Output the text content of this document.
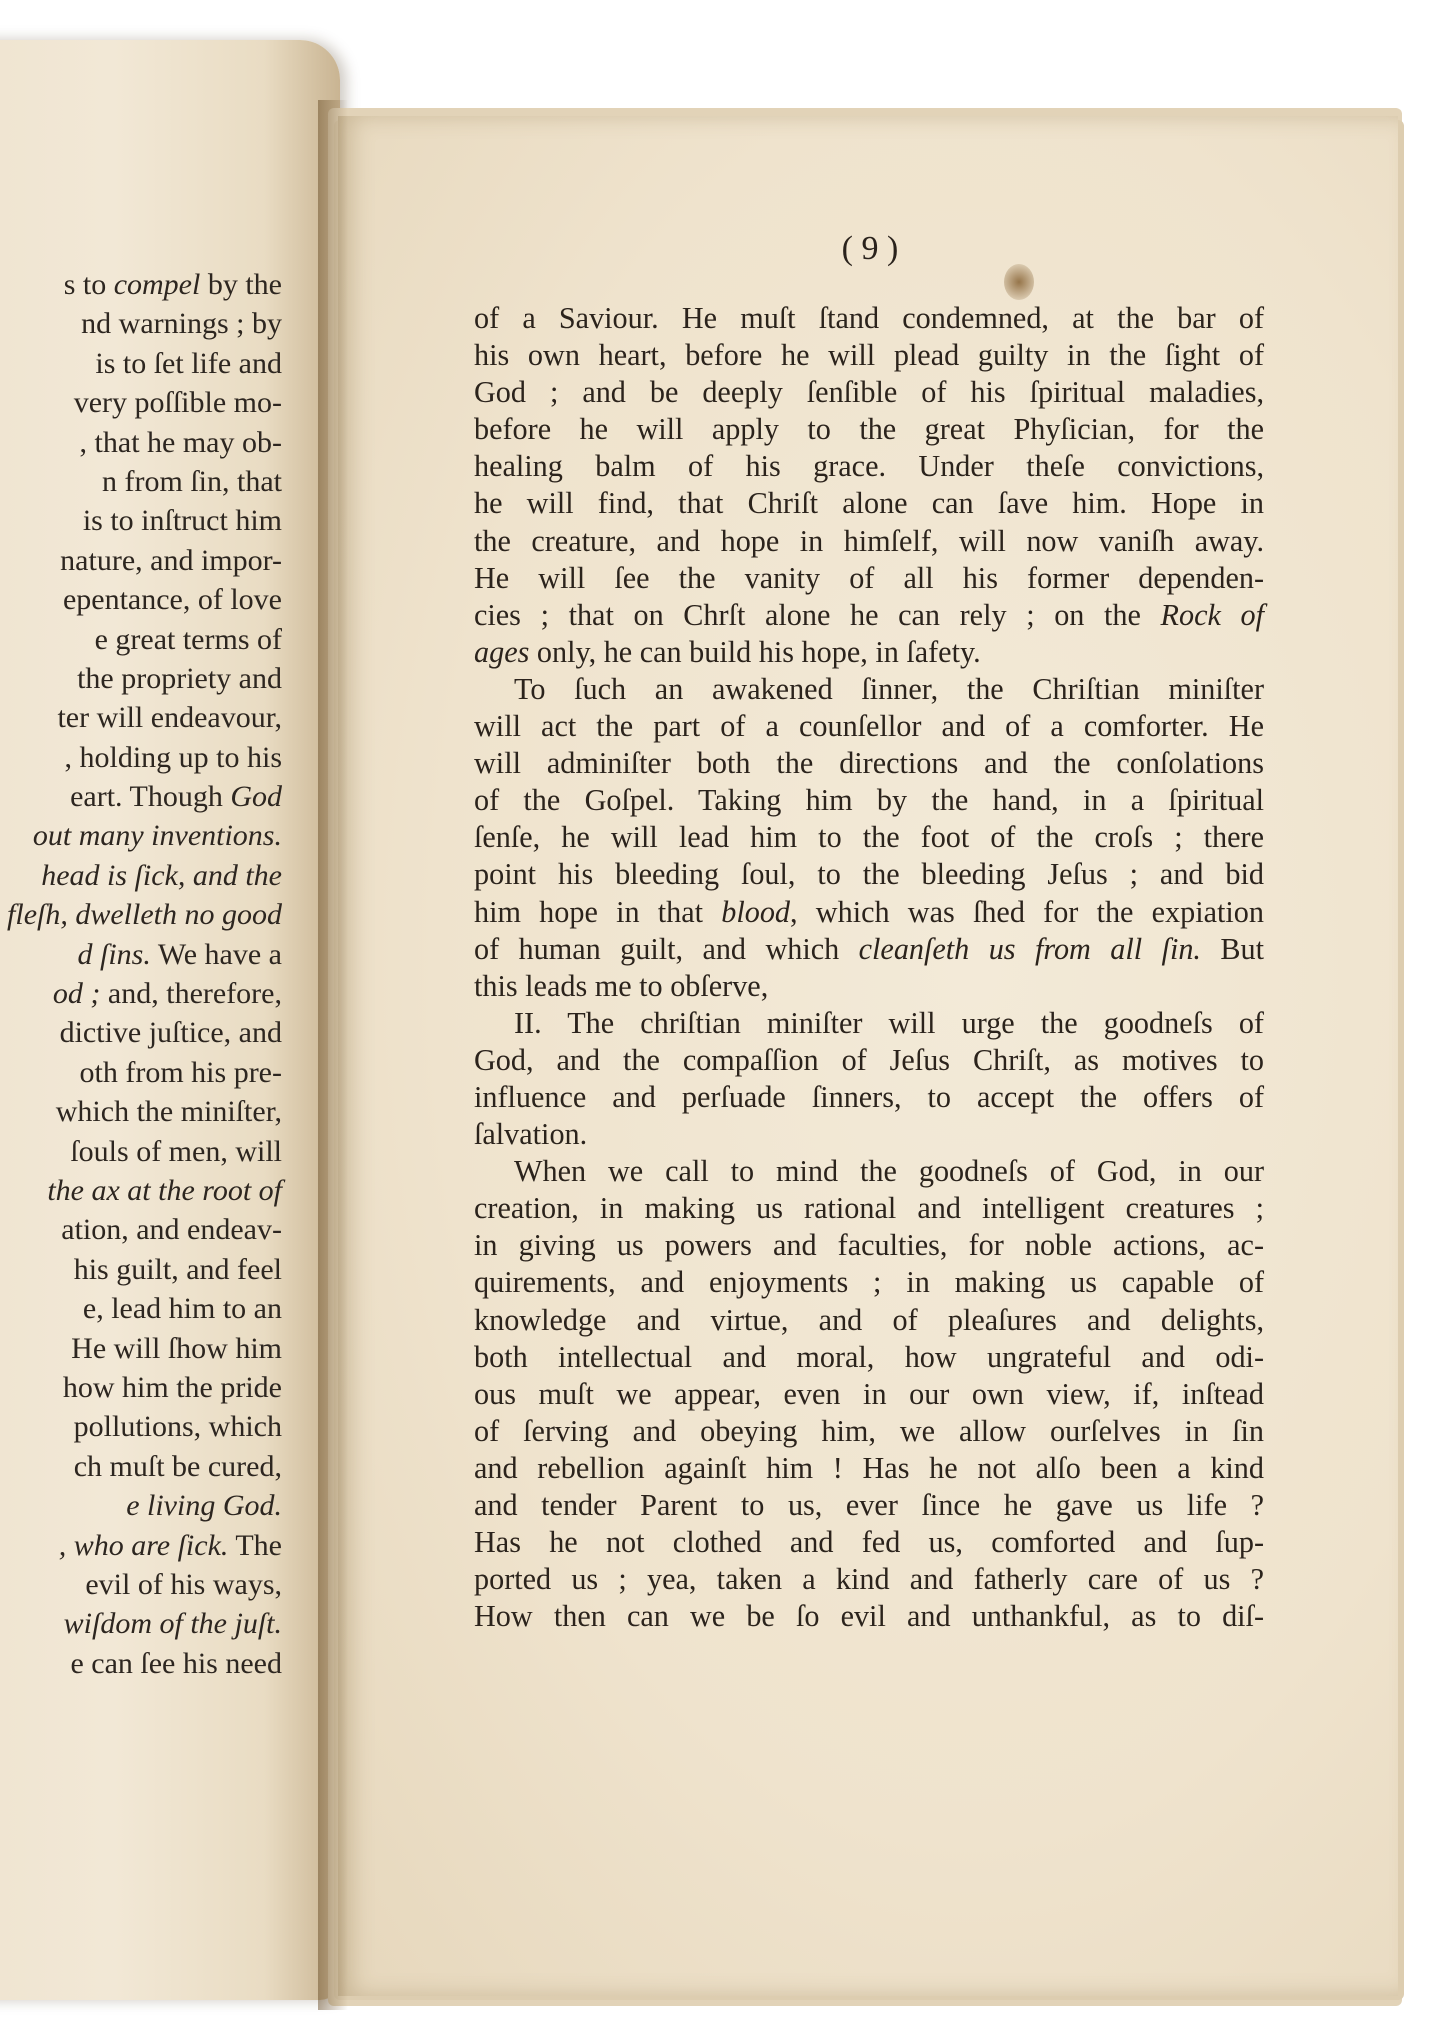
s to compel by the
nd warnings ; by
is to ſet life and
very poſſible mo-
, that he may ob-
n from ſin, that
is to inſtruct him
nature, and impor-
epentance, of love
e great terms of
the propriety and
ter will endeavour,
, holding up to his
eart. Though God
out many inventions.
head is ſick, and the
fleſh, dwelleth no good
d ſins. We have a
od ; and, therefore,
dictive juſtice, and
oth from his pre-
which the miniſter,
ſouls of men, will
the ax at the root of
ation, and endeav-
his guilt, and feel
e, lead him to an
He will ſhow him
how him the pride
pollutions, which
ch muſt be cured,
e living God.
, who are ſick. The
evil of his ways,
wiſdom of the juſt.
e can ſee his need
( 9 )
of a Saviour. He muſt ſtand condemned, at the bar of
his own heart, before he will plead guilty in the ſight of
God ; and be deeply ſenſible of his ſpiritual maladies,
before he will apply to the great Phyſician, for the
healing balm of his grace. Under theſe convictions,
he will find, that Chriſt alone can ſave him. Hope in
the creature, and hope in himſelf, will now vaniſh away.
He will ſee the vanity of all his former dependen-
cies ; that on Chrſt alone he can rely ; on the Rock of
ages only, he can build his hope, in ſafety.
To ſuch an awakened ſinner, the Chriſtian miniſter
will act the part of a counſellor and of a comforter. He
will adminiſter both the directions and the conſolations
of the Goſpel. Taking him by the hand, in a ſpiritual
ſenſe, he will lead him to the foot of the croſs ; there
point his bleeding ſoul, to the bleeding Jeſus ; and bid
him hope in that blood, which was ſhed for the expiation
of human guilt, and which cleanſeth us from all ſin. But
this leads me to obſerve,
II. The chriſtian miniſter will urge the goodneſs of
God, and the compaſſion of Jeſus Chriſt, as motives to
influence and perſuade ſinners, to accept the offers of
ſalvation.
When we call to mind the goodneſs of God, in our
creation, in making us rational and intelligent creatures ;
in giving us powers and faculties, for noble actions, ac-
quirements, and enjoyments ; in making us capable of
knowledge and virtue, and of pleaſures and delights,
both intellectual and moral, how ungrateful and odi-
ous muſt we appear, even in our own view, if, inſtead
of ſerving and obeying him, we allow ourſelves in ſin
and rebellion againſt him ! Has he not alſo been a kind
and tender Parent to us, ever ſince he gave us life ?
Has he not clothed and fed us, comforted and ſup-
ported us ; yea, taken a kind and fatherly care of us ?
How then can we be ſo evil and unthankful, as to diſ-
